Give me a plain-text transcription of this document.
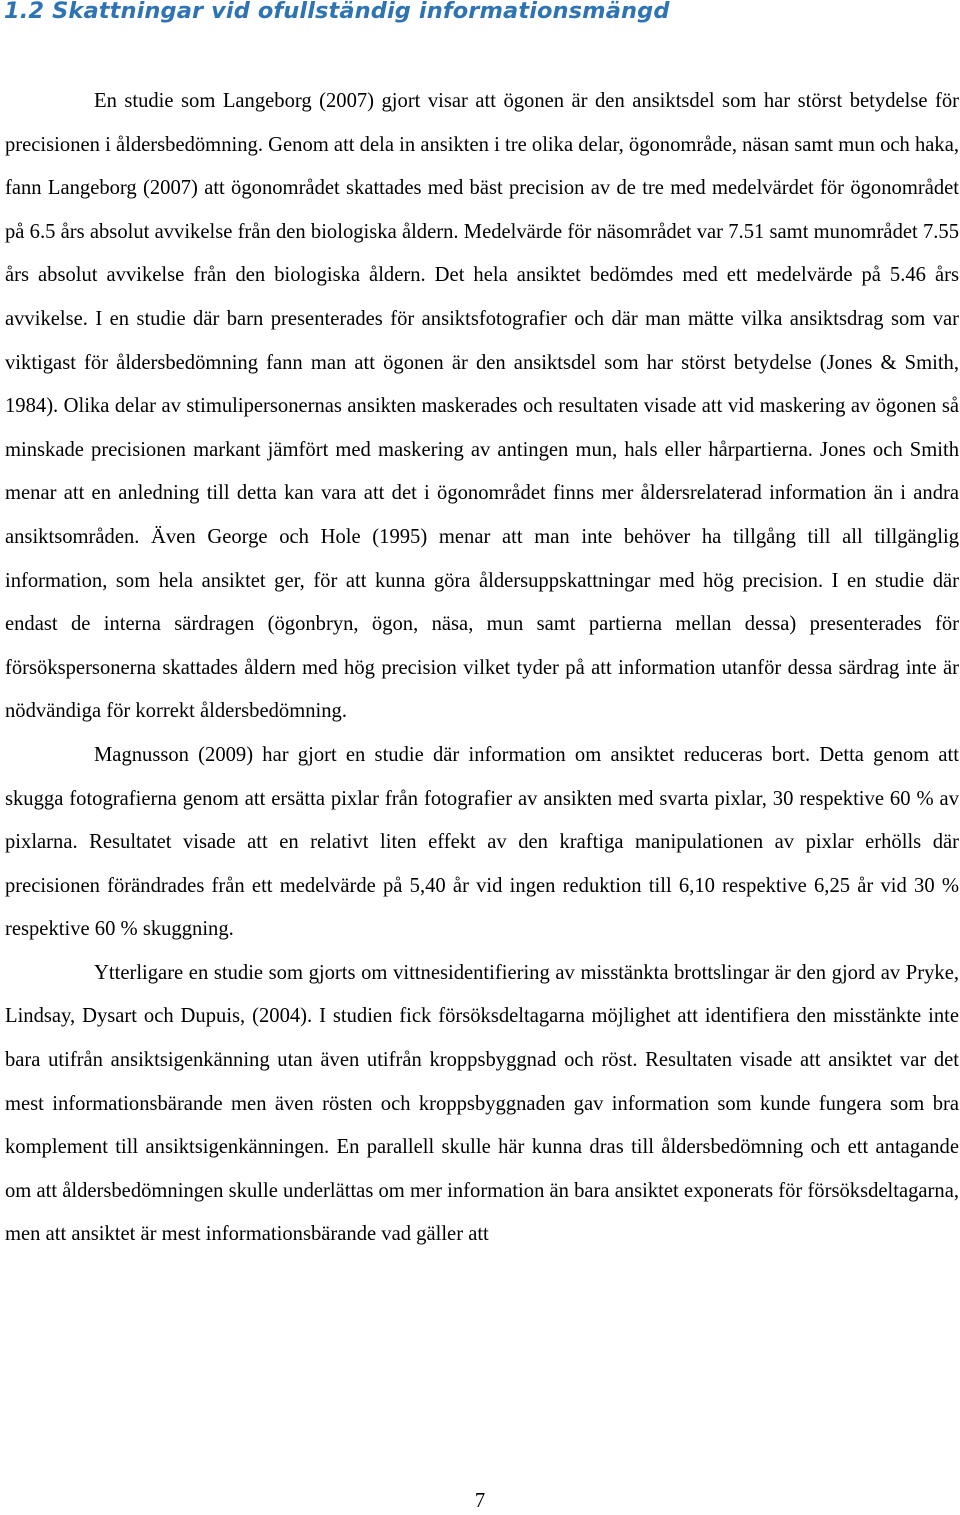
1.2 Skattningar vid ofullständig informationsmängd

En studie som Langeborg (2007) gjort visar att ögonen är den ansiktsdel som har störst betydelse för precisionen i åldersbedömning. Genom att dela in ansikten i tre olika delar, ögonområde, näsan samt mun och haka, fann Langeborg (2007) att ögonområdet skattades med bäst precision av de tre med medelvärdet för ögonområdet på 6.5 års absolut avvikelse från den biologiska åldern. Medelvärde för näsområdet var 7.51 samt munområdet 7.55 års absolut avvikelse från den biologiska åldern. Det hela ansiktet bedömdes med ett medelvärde på 5.46 års avvikelse. I en studie där barn presenterades för ansiktsfotografier och där man mätte vilka ansiktsdrag som var viktigast för åldersbedömning fann man att ögonen är den ansiktsdel som har störst betydelse (Jones & Smith, 1984). Olika delar av stimulipersonernas ansikten maskerades och resultaten visade att vid maskering av ögonen så minskade precisionen markant jämfört med maskering av antingen mun, hals eller hårpartierna. Jones och Smith menar att en anledning till detta kan vara att det i ögonområdet finns mer åldersrelaterad information än i andra ansiktsområden. Även George och Hole (1995) menar att man inte behöver ha tillgång till all tillgänglig information, som hela ansiktet ger, för att kunna göra åldersuppskattningar med hög precision. I en studie där endast de interna särdragen (ögonbryn, ögon, näsa, mun samt partierna mellan dessa) presenterades för försökspersonerna skattades åldern med hög precision vilket tyder på att information utanför dessa särdrag inte är nödvändiga för korrekt åldersbedömning.

Magnusson (2009) har gjort en studie där information om ansiktet reduceras bort. Detta genom att skugga fotografierna genom att ersätta pixlar från fotografier av ansikten med svarta pixlar, 30 respektive 60 % av pixlarna. Resultatet visade att en relativt liten effekt av den kraftiga manipulationen av pixlar erhölls där precisionen förändrades från ett medelvärde på 5,40 år vid ingen reduktion till 6,10 respektive 6,25 år vid 30 % respektive 60 % skuggning.

Ytterligare en studie som gjorts om vittnesidentifiering av misstänkta brottslingar är den gjord av Pryke, Lindsay, Dysart och Dupuis, (2004). I studien fick försöksdeltagarna möjlighet att identifiera den misstänkte inte bara utifrån ansiktsigenkänning utan även utifrån kroppsbyggnad och röst. Resultaten visade att ansiktet var det mest informationsbärande men även rösten och kroppsbyggnaden gav information som kunde fungera som bra komplement till ansiktsigenkänningen. En parallell skulle här kunna dras till åldersbedömning och ett antagande om att åldersbedömningen skulle underlättas om mer information än bara ansiktet exponerats för försöksdeltagarna, men att ansiktet är mest informationsbärande vad gäller att

7
